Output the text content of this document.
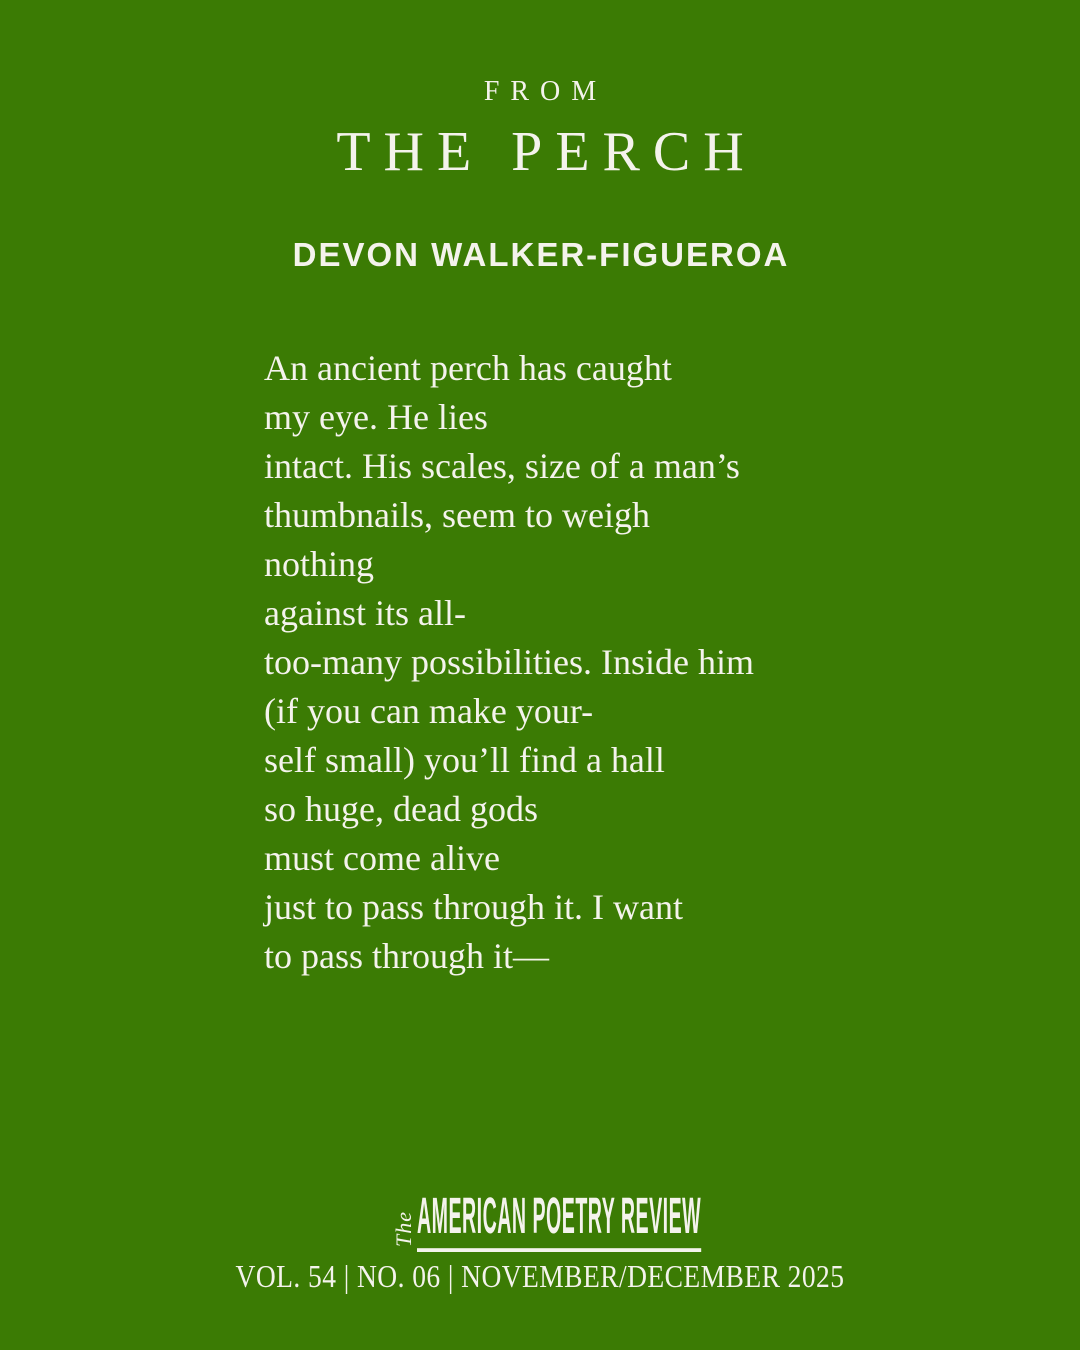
FROM
THE PERCH
DEVON WALKER-FIGUEROA
An ancient perch has caught
my eye. He lies
intact. His scales, size of a man’s
thumbnails, seem to weigh
nothing
against its all-
too-many possibilities. Inside him
(if you can make your-
self small) you’ll find a hall
so huge, dead gods
must come alive
just to pass through it. I want
to pass through it—
The AMERICAN POETRY REVIEW
VOL. 54 | NO. 06 | NOVEMBER/DECEMBER 2025
